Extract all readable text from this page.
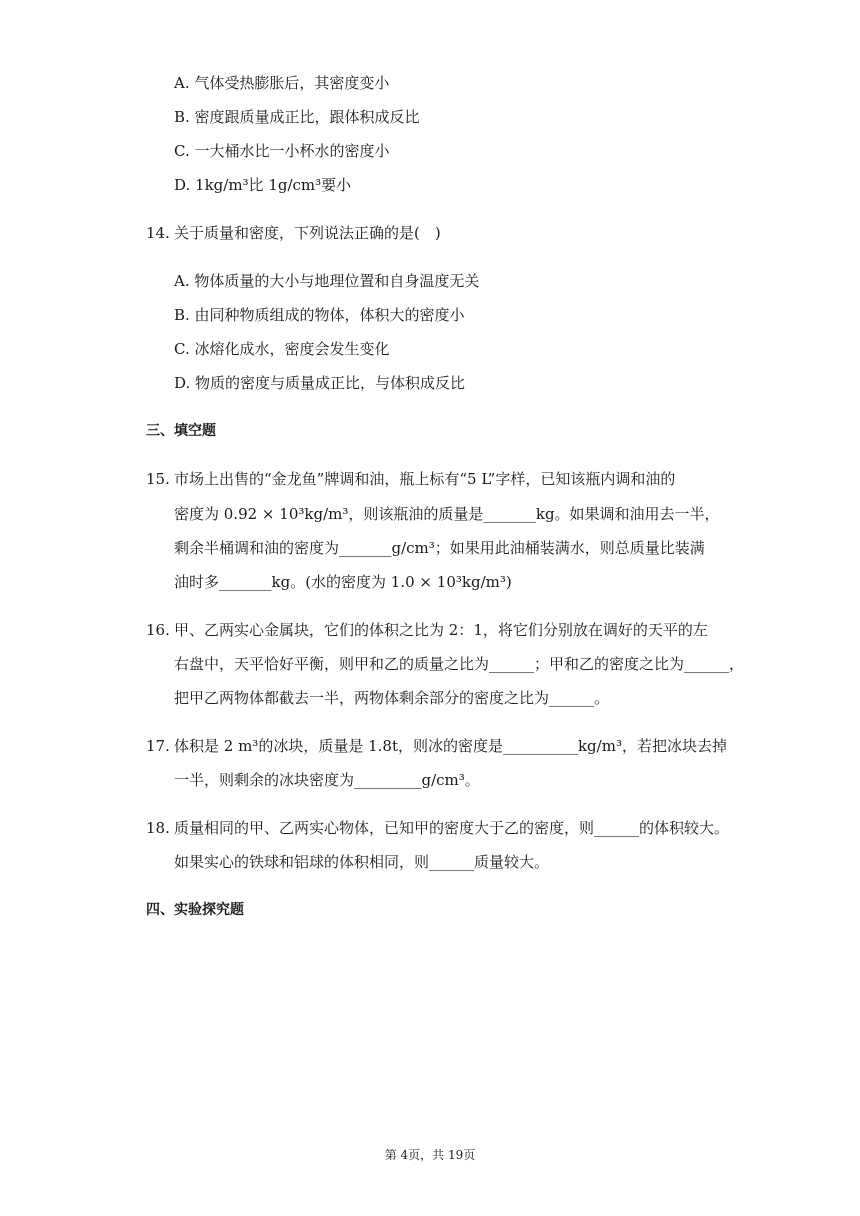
A. 气体受热膨胀后，其密度变小
B. 密度跟质量成正比，跟体积成反比
C. 一大桶水比一小杯水的密度小
D. 1kg/m³比 1g/cm³要小
14. 关于质量和密度，下列说法正确的是(　)
A. 物体质量的大小与地理位置和自身温度无关
B. 由同种物质组成的物体，体积大的密度小
C. 冰熔化成水，密度会发生变化
D. 物质的密度与质量成正比，与体积成反比
三、填空题
15. 市场上出售的“金龙鱼”牌调和油，瓶上标有“5 L”字样，已知该瓶内调和油的
密度为 0.92 × 10³kg/m³，则该瓶油的质量是_______kg。如果调和油用去一半，
剩余半桶调和油的密度为_______g/cm³；如果用此油桶装满水，则总质量比装满
油时多_______kg。(水的密度为 1.0 × 10³kg/m³)
16. 甲、乙两实心金属块，它们的体积之比为 2：1，将它们分别放在调好的天平的左
右盘中，天平恰好平衡，则甲和乙的质量之比为______；甲和乙的密度之比为______，
把甲乙两物体都截去一半，两物体剩余部分的密度之比为______。
17. 体积是 2 m³的冰块，质量是 1.8t，则冰的密度是__________kg/m³，若把冰块去掉
一半，则剩余的冰块密度为_________g/cm³。
18. 质量相同的甲、乙两实心物体，已知甲的密度大于乙的密度，则______的体积较大。
如果实心的铁球和铝球的体积相同，则______质量较大。
四、实验探究题
第 4页，共 19页
